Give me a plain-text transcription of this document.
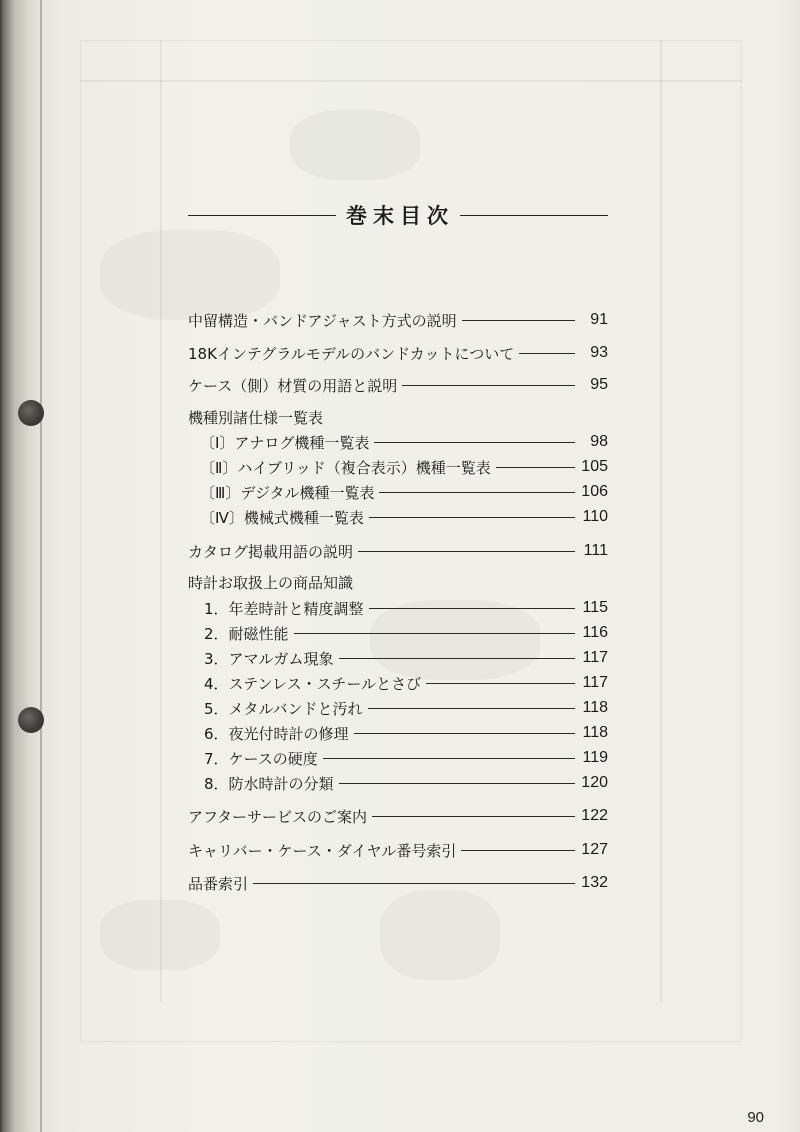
巻末目次
中留構造・バンドアジャスト方式の説明	91
18Kインテグラルモデルのバンドカットについて	93
ケース（側）材質の用語と説明	95
機種別諸仕様一覧表
〔Ⅰ〕アナログ機種一覧表	98
〔Ⅱ〕ハイブリッド（複合表示）機種一覧表	105
〔Ⅲ〕デジタル機種一覧表	106
〔Ⅳ〕機械式機種一覧表	110
カタログ掲載用語の説明	111
時計お取扱上の商品知識
1．年差時計と精度調整	115
2．耐磁性能	116
3．アマルガム現象	117
4．ステンレス・スチールとさび	117
5．メタルバンドと汚れ	118
6．夜光付時計の修理	118
7．ケースの硬度	119
8．防水時計の分類	120
アフターサービスのご案内	122
キャリバー・ケース・ダイヤル番号索引	127
品番索引	132
90
